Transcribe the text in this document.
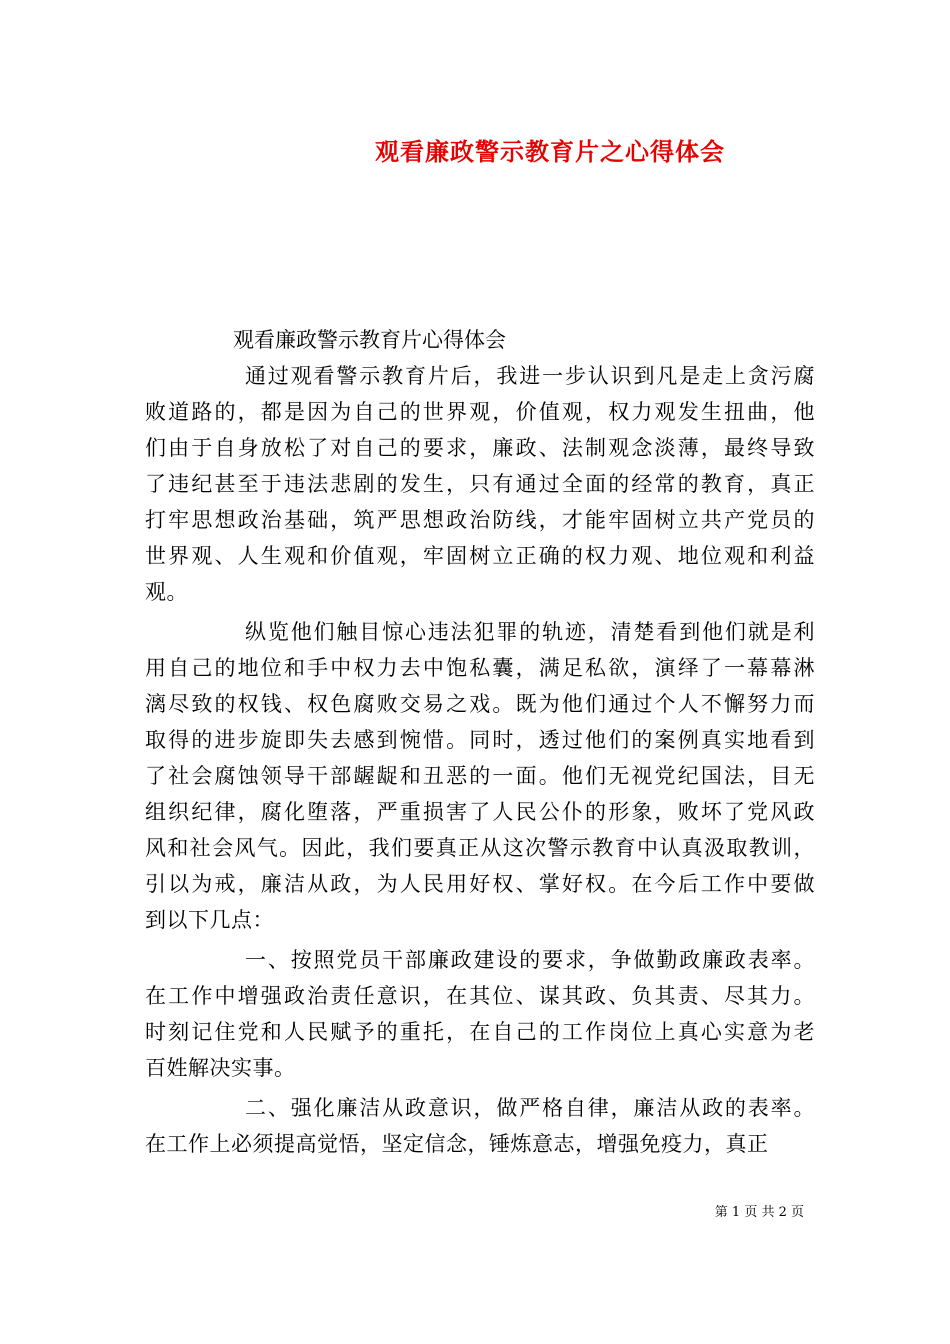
观看廉政警示教育片之心得体会

观看廉政警示教育片心得体会

通过观看警示教育片后，我进一步认识到凡是走上贪污腐
败道路的，都是因为自己的世界观，价值观，权力观发生扭曲，他
们由于自身放松了对自己的要求，廉政、法制观念淡薄，最终导致
了违纪甚至于违法悲剧的发生，只有通过全面的经常的教育，真正
打牢思想政治基础，筑严思想政治防线，才能牢固树立共产党员的
世界观、人生观和价值观，牢固树立正确的权力观、地位观和利益
观。
纵览他们触目惊心违法犯罪的轨迹，清楚看到他们就是利
用自己的地位和手中权力去中饱私囊，满足私欲，演绎了一幕幕淋
漓尽致的权钱、权色腐败交易之戏。既为他们通过个人不懈努力而
取得的进步旋即失去感到惋惜。同时，透过他们的案例真实地看到
了社会腐蚀领导干部龌龊和丑恶的一面。他们无视党纪国法，目无
组织纪律，腐化堕落，严重损害了人民公仆的形象，败坏了党风政
风和社会风气。因此，我们要真正从这次警示教育中认真汲取教训，
引以为戒，廉洁从政，为人民用好权、掌好权。在今后工作中要做
到以下几点：
一、按照党员干部廉政建设的要求，争做勤政廉政表率。
在工作中增强政治责任意识，在其位、谋其政、负其责、尽其力。
时刻记住党和人民赋予的重托，在自己的工作岗位上真心实意为老
百姓解决实事。
二、强化廉洁从政意识，做严格自律，廉洁从政的表率。
在工作上必须提高觉悟，坚定信念，锤炼意志，增强免疫力，真正
第 1 页 共 2 页
